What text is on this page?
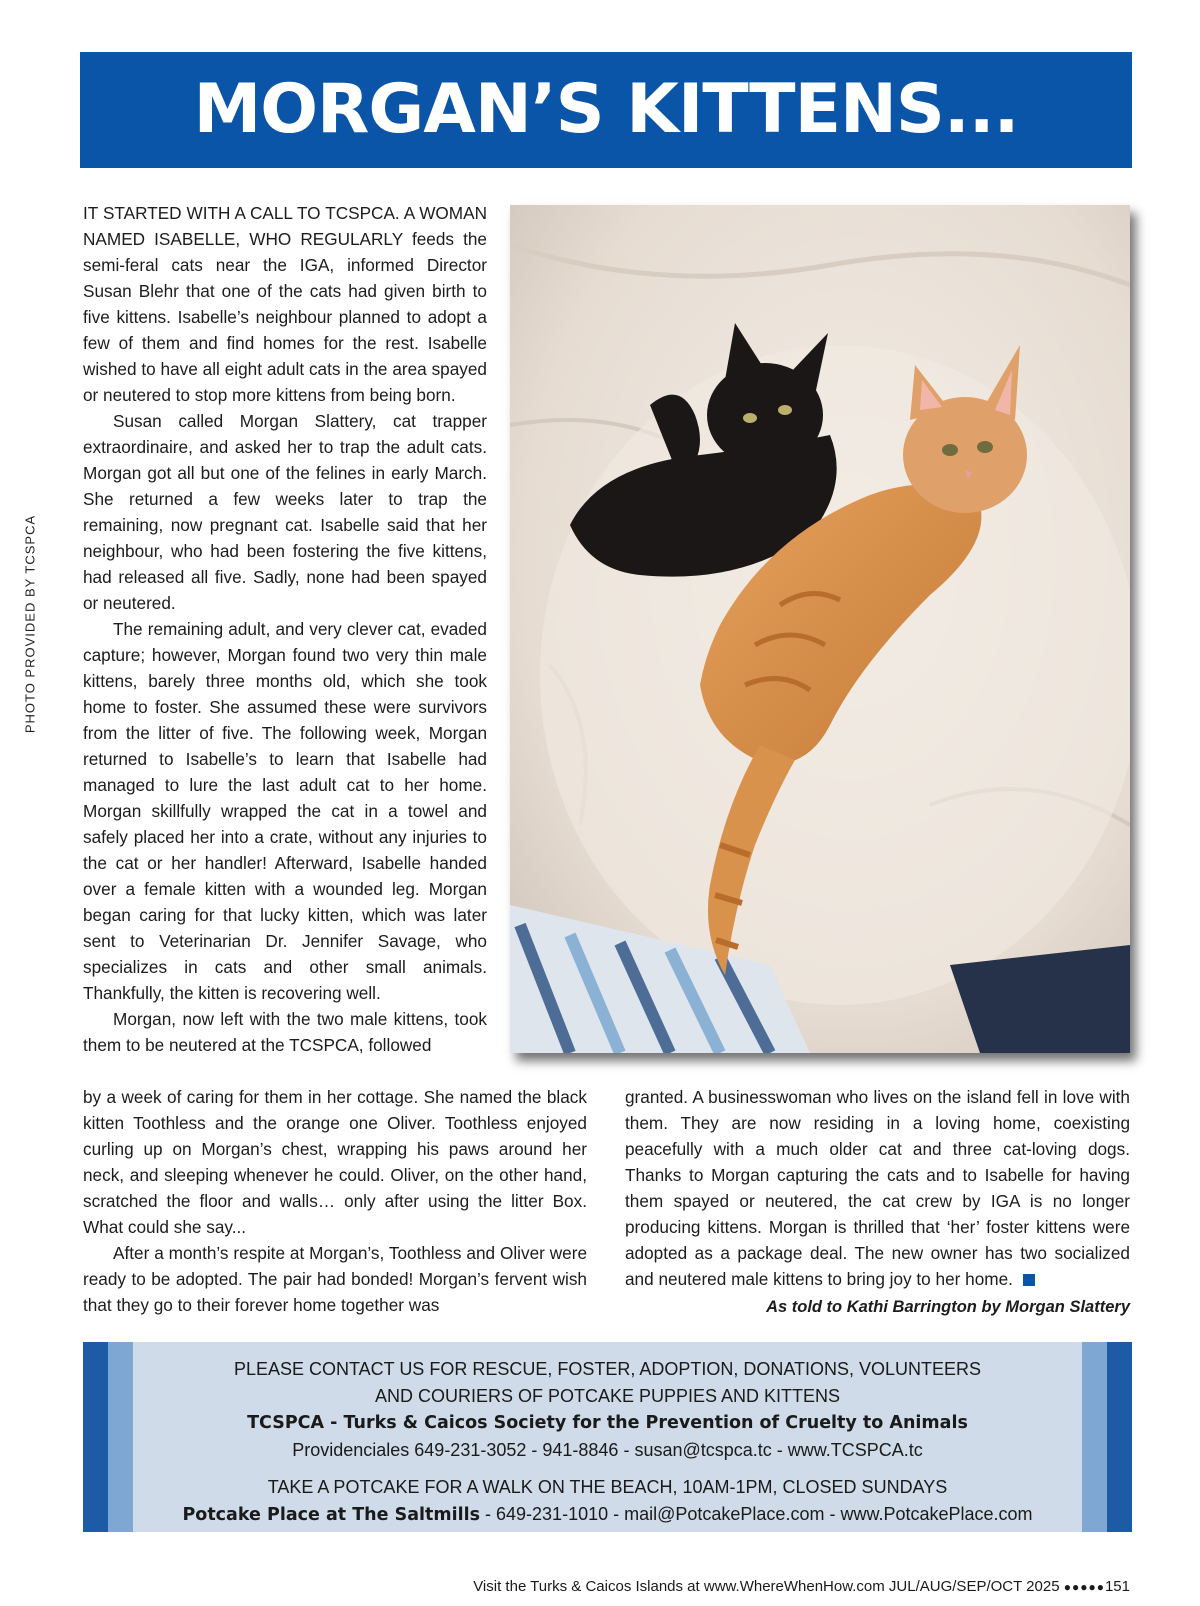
MORGAN’S KITTENS...
PHOTO PROVIDED BY TCSPCA

IT STARTED WITH A CALL TO TCSPCA. A WOMAN NAMED ISABELLE, WHO REGULARLY feeds the semi-feral cats near the IGA, informed Director Susan Blehr that one of the cats had given birth to five kittens. Isabelle’s neighbour planned to adopt a few of them and find homes for the rest. Isabelle wished to have all eight adult cats in the area spayed or neutered to stop more kittens from being born.

Susan called Morgan Slattery, cat trapper extraordinaire, and asked her to trap the adult cats. Morgan got all but one of the felines in early March. She returned a few weeks later to trap the remaining, now pregnant cat. Isabelle said that her neighbour, who had been fostering the five kittens, had released all five. Sadly, none had been spayed or neutered.

The remaining adult, and very clever cat, evaded capture; however, Morgan found two very thin male kittens, barely three months old, which she took home to foster. She assumed these were survivors from the litter of five. The following week, Morgan returned to Isabelle’s to learn that Isabelle had managed to lure the last adult cat to her home. Morgan skillfully wrapped the cat in a towel and safely placed her into a crate, without any injuries to the cat or her handler! Afterward, Isabelle handed over a female kitten with a wounded leg. Morgan began caring for that lucky kitten, which was later sent to Veterinarian Dr. Jennifer Savage, who specializes in cats and other small animals. Thankfully, the kitten is recovering well.

Morgan, now left with the two male kittens, took them to be neutered at the TCSPCA, followed

by a week of caring for them in her cottage. She named the black kitten Toothless and the orange one Oliver. Toothless enjoyed curling up on Morgan’s chest, wrapping his paws around her neck, and sleeping whenever he could. Oliver, on the other hand, scratched the floor and walls… only after using the litter Box. What could she say...

After a month’s respite at Morgan’s, Toothless and Oliver were ready to be adopted. The pair had bonded! Morgan’s fervent wish that they go to their forever home together was

granted. A businesswoman who lives on the island fell in love with them. They are now residing in a loving home, coexisting peacefully with a much older cat and three cat-loving dogs. Thanks to Morgan capturing the cats and to Isabelle for having them spayed or neutered, the cat crew by IGA is no longer producing kittens. Morgan is thrilled that ‘her’ foster kittens were adopted as a package deal. The new owner has two socialized and neutered male kittens to bring joy to her home.

As told to Kathi Barrington by Morgan Slattery
PLEASE CONTACT US FOR RESCUE, FOSTER, ADOPTION, DONATIONS, VOLUNTEERS
AND COURIERS OF POTCAKE PUPPIES AND KITTENS
TCSPCA - Turks & Caicos Society for the Prevention of Cruelty to Animals
Providenciales 649-231-3052 - 941-8846 - susan@tcspca.tc - www.TCSPCA.tc
TAKE A POTCAKE FOR A WALK ON THE BEACH, 10AM-1PM, CLOSED SUNDAYS
Potcake Place at The Saltmills - 649-231-1010 - mail@PotcakePlace.com - www.PotcakePlace.com
Visit the Turks & Caicos Islands at www.WhereWhenHow.com JUL/AUG/SEP/OCT 2025 ●●●●●151
